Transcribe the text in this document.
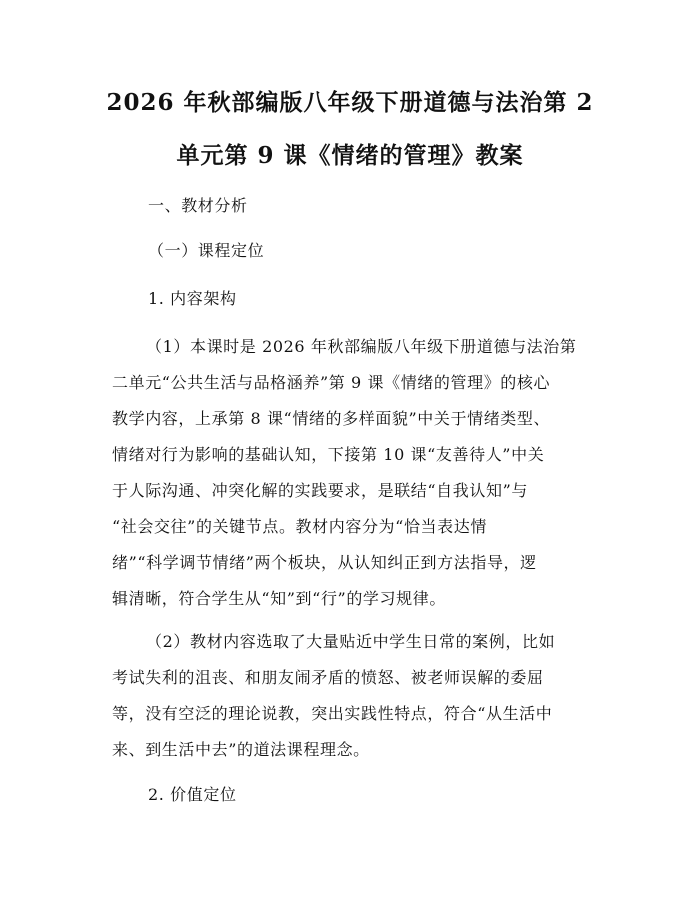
2026 年秋部编版八年级下册道德与法治第 2
单元第 9 课《情绪的管理》教案

一、教材分析

（一）课程定位

1. 内容架构

（1）本课时是 2026 年秋部编版八年级下册道德与法治第
二单元“公共生活与品格涵养”第 9 课《情绪的管理》的核心
教学内容，上承第 8 课“情绪的多样面貌”中关于情绪类型、
情绪对行为影响的基础认知，下接第 10 课“友善待人”中关
于人际沟通、冲突化解的实践要求，是联结“自我认知”与
“社会交往”的关键节点。教材内容分为“恰当表达情
绪”“科学调节情绪”两个板块，从认知纠正到方法指导，逻
辑清晰，符合学生从“知”到“行”的学习规律。
（2）教材内容选取了大量贴近中学生日常的案例，比如
考试失利的沮丧、和朋友闹矛盾的愤怒、被老师误解的委屈
等，没有空泛的理论说教，突出实践性特点，符合“从生活中
来、到生活中去”的道法课程理念。

2. 价值定位
